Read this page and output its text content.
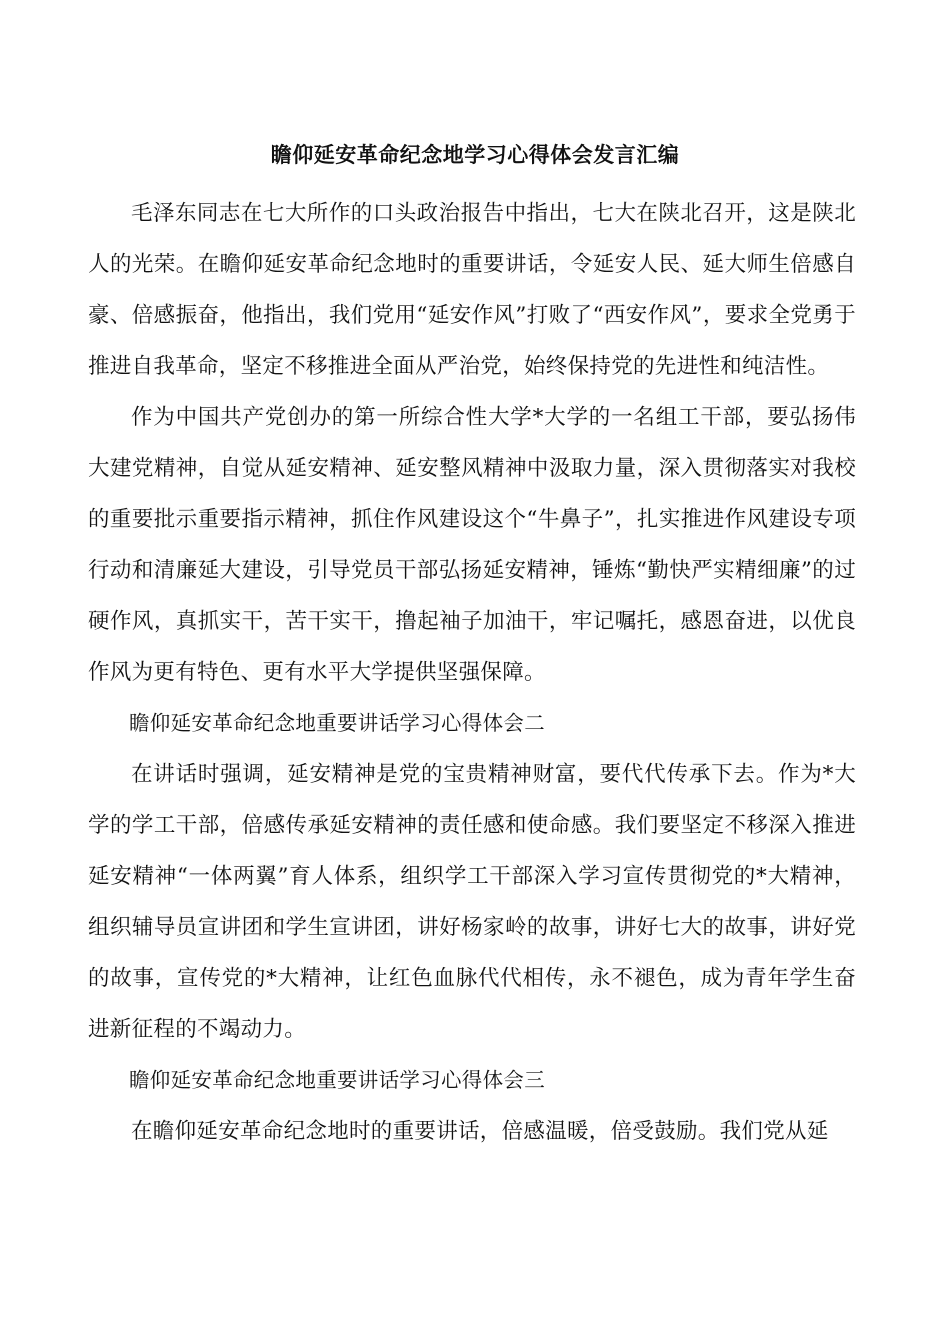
瞻仰延安革命纪念地学习心得体会发言汇编

毛泽东同志在七大所作的口头政治报告中指出，七大在陕北召开，这是陕北人的光荣。在瞻仰延安革命纪念地时的重要讲话，令延安人民、延大师生倍感自豪、倍感振奋，他指出，我们党用“延安作风”打败了“西安作风”，要求全党勇于推进自我革命，坚定不移推进全面从严治党，始终保持党的先进性和纯洁性。

作为中国共产党创办的第一所综合性大学*大学的一名组工干部，要弘扬伟大建党精神，自觉从延安精神、延安整风精神中汲取力量，深入贯彻落实对我校的重要批示重要指示精神，抓住作风建设这个“牛鼻子”，扎实推进作风建设专项行动和清廉延大建设，引导党员干部弘扬延安精神，锤炼“勤快严实精细廉”的过硬作风，真抓实干，苦干实干，撸起袖子加油干，牢记嘱托，感恩奋进，以优良作风为更有特色、更有水平大学提供坚强保障。

瞻仰延安革命纪念地重要讲话学习心得体会二

在讲话时强调，延安精神是党的宝贵精神财富，要代代传承下去。作为*大学的学工干部，倍感传承延安精神的责任感和使命感。我们要坚定不移深入推进延安精神“一体两翼”育人体系，组织学工干部深入学习宣传贯彻党的*大精神，组织辅导员宣讲团和学生宣讲团，讲好杨家岭的故事，讲好七大的故事，讲好党的故事，宣传党的*大精神，让红色血脉代代相传，永不褪色，成为青年学生奋进新征程的不竭动力。

瞻仰延安革命纪念地重要讲话学习心得体会三

在瞻仰延安革命纪念地时的重要讲话，倍感温暖，倍受鼓励。我们党从延
